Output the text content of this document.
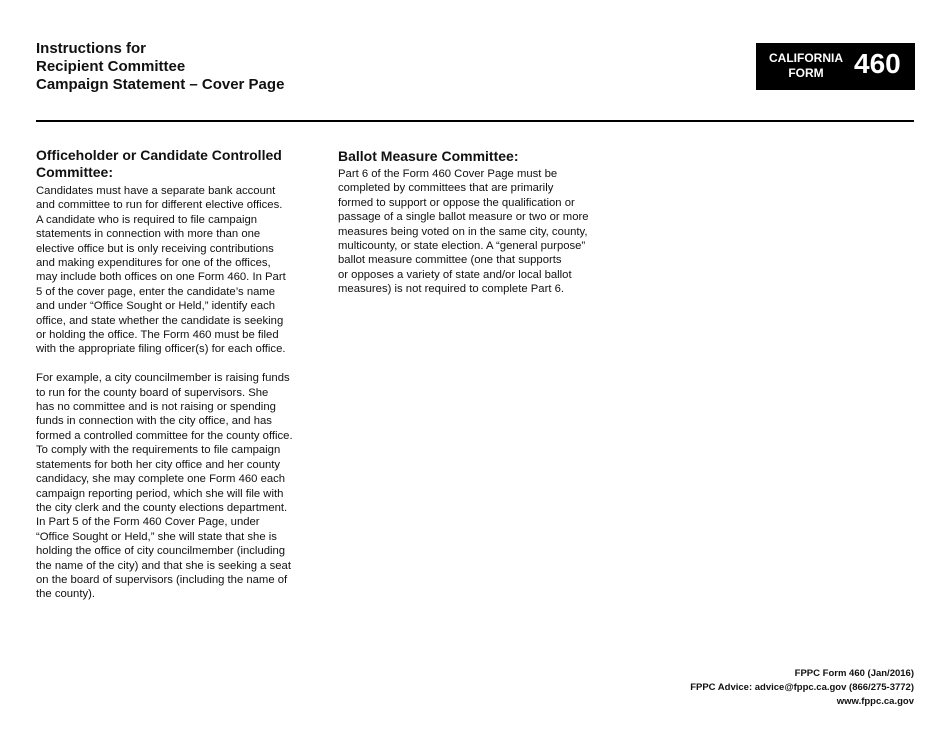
Instructions for
Recipient Committee
Campaign Statement – Cover Page
CALIFORNIA
FORM	460
Officeholder or Candidate Controlled
Committee:
Candidates must have a separate bank account
and committee to run for different elective offices.
A candidate who is required to file campaign
statements in connection with more than one
elective office but is only receiving contributions
and making expenditures for one of the offices,
may include both offices on one Form 460. In Part
5 of the cover page, enter the candidate’s name
and under “Office Sought or Held,” identify each
office, and state whether the candidate is seeking
or holding the office. The Form 460 must be filed
with the appropriate filing officer(s) for each office.
For example, a city councilmember is raising funds
to run for the county board of supervisors. She
has no committee and is not raising or spending
funds in connection with the city office, and has
formed a controlled committee for the county office.
To comply with the requirements to file campaign
statements for both her city office and her county
candidacy, she may complete one Form 460 each
campaign reporting period, which she will file with
the city clerk and the county elections department.
In Part 5 of the Form 460 Cover Page, under
“Office Sought or Held,” she will state that she is
holding the office of city councilmember (including
the name of the city) and that she is seeking a seat
on the board of supervisors (including the name of
the county).
Ballot Measure Committee:
Part 6 of the Form 460 Cover Page must be
completed by committees that are primarily
formed to support or oppose the qualification or
passage of a single ballot measure or two or more
measures being voted on in the same city, county,
multicounty, or state election. A “general purpose”
ballot measure committee (one that supports
or opposes a variety of state and/or local ballot
measures) is not required to complete Part 6.
FPPC Form 460 (Jan/2016)
FPPC Advice: advice@fppc.ca.gov (866/275-3772)
www.fppc.ca.gov
